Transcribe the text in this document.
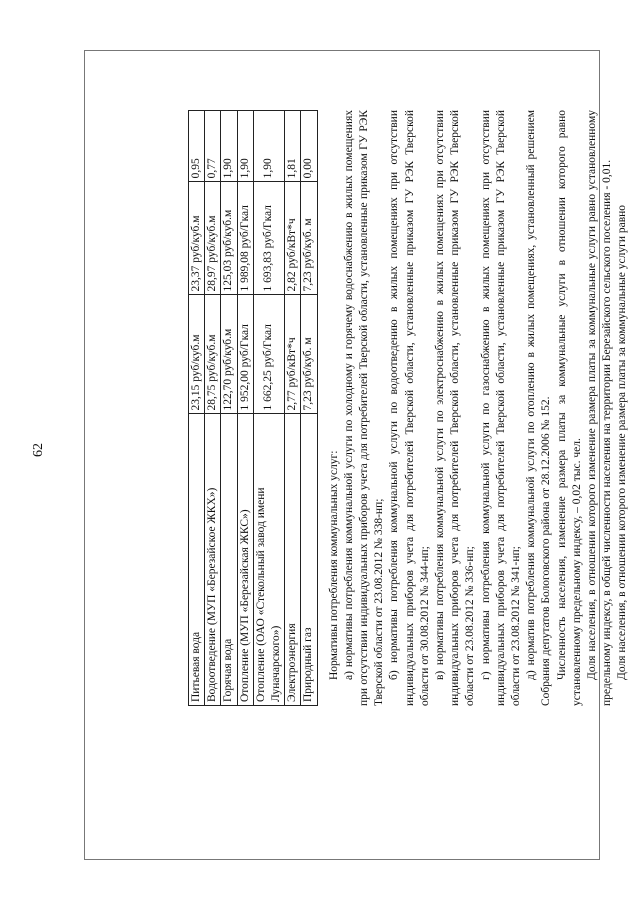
62
Питьевая вода	23,15 руб/куб.м	23,37 руб/куб.м	0,95
Водоотведение (МУП «Березайское ЖКХ»)	28,75 руб/куб.м	28,97 руб/куб.м	0,77
Горячая вода	122,70 руб/куб.м	125,03 руб/куб.м	1,90
Отопление (МУП «Березайская ЖКС»)	1 952,00 руб/Гкал	1 989,08 руб/Гкал	1,90
Отопление (ОАО «Стекольный завод имени Луначарского»)	1 662,25 руб/Гкал	1 693,83 руб/Гкал	1,90
Электроэнергия	2,77 руб/кВт*ч	2,82 руб/кВт*ч	1,81
Природный газ	7,23 руб/куб. м	7,23 руб/куб. м	0,00

Нормативы потребления коммунальных услуг: а) нормативы потребления коммунальной услуги по холодному и горячему водоснабжению в жилых помещениях при отсутствии индивидуальных приборов учета для потребителей Тверской области, установленные приказом ГУ РЭК Тверской области от 23.08.2012 № 338-нп; б) нормативы потребления коммунальной услуги по водоотведению в жилых помещениях при отсутствии индивидуальных приборов учета для потребителей Тверской области, установленные приказом ГУ РЭК Тверской области от 30.08.2012 № 344-нп; в) нормативы потребления коммунальной услуги по электроснабжению в жилых помещениях при отсутствии индивидуальных приборов учета для потребителей Тверской области, установленные приказом ГУ РЭК Тверской области от 23.08.2012 № 336-нп; г) нормативы потребления коммунальной услуги по газоснабжению в жилых помещениях при отсутствии индивидуальных приборов учета для потребителей Тверской области, установленные приказом ГУ РЭК Тверской области от 23.08.2012 № 341-нп; д) норматив потребления коммунальной услуги по отоплению в жилых помещениях, установленный решением Собрания депутатов Бологовского района от 28.12.2006 № 152. Численность населения, изменение размера платы за коммунальные услуги в отношении которого равно установленному предельному индексу, – 0,02 тыс. чел. Доля населения, в отношении которого изменение размера платы за коммунальные услуги равно установленному предельному индексу, в общей численности населения на территории Березайского сельского поселения - 0,01. Доля населения, в отношении которого изменение размера платы за коммунальные услуги равно
